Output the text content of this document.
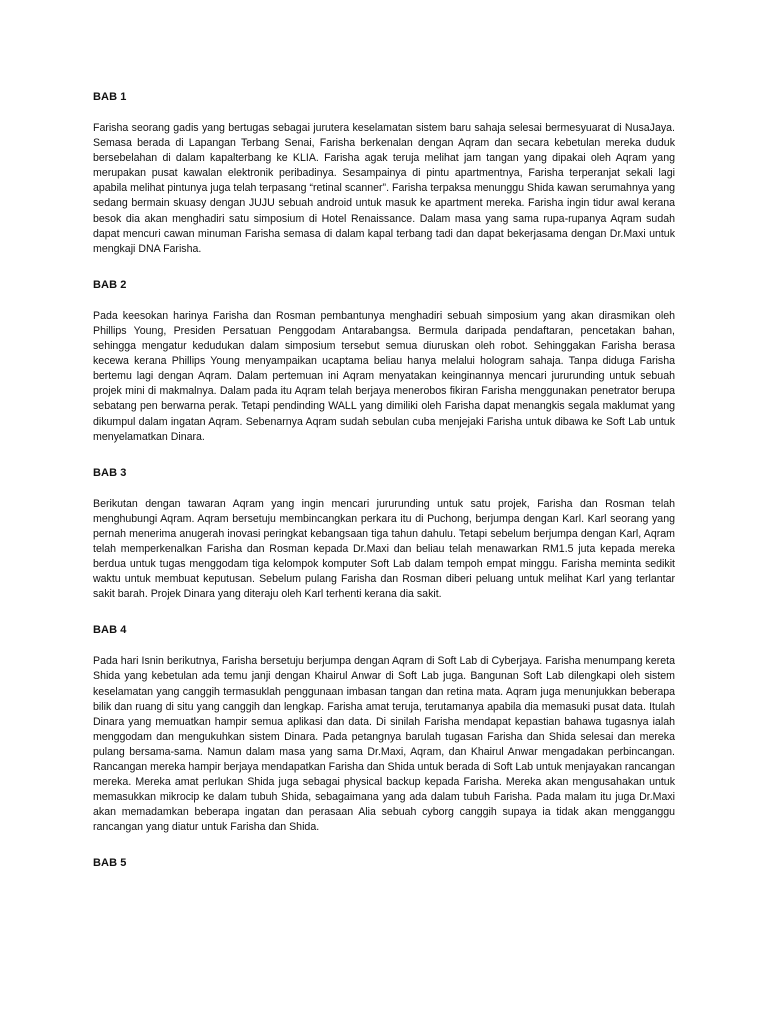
BAB 1

Farisha seorang gadis yang bertugas sebagai jurutera keselamatan sistem baru sahaja selesai bermesyuarat di NusaJaya. Semasa berada di Lapangan Terbang Senai, Farisha berkenalan dengan Aqram dan secara kebetulan mereka duduk bersebelahan di dalam kapalterbang ke KLIA. Farisha agak teruja melihat jam tangan yang dipakai oleh Aqram yang merupakan pusat kawalan elektronik peribadinya. Sesampainya di pintu apartmentnya, Farisha terperanjat sekali lagi apabila melihat pintunya juga telah terpasang “retinal scanner”. Farisha terpaksa menunggu Shida kawan serumahnya yang sedang bermain skuasy dengan JUJU sebuah android untuk masuk ke apartment mereka. Farisha ingin tidur awal kerana besok dia akan menghadiri satu simposium di Hotel Renaissance. Dalam masa yang sama rupa-rupanya Aqram sudah dapat mencuri cawan minuman Farisha semasa di dalam kapal terbang tadi dan dapat bekerjasama dengan Dr.Maxi untuk mengkaji DNA Farisha.

BAB 2

Pada keesokan harinya Farisha dan Rosman pembantunya menghadiri sebuah simposium yang akan dirasmikan oleh Phillips Young, Presiden Persatuan Penggodam Antarabangsa. Bermula daripada pendaftaran, pencetakan bahan, sehingga mengatur kedudukan dalam simposium tersebut semua diuruskan oleh robot. Sehinggakan Farisha berasa kecewa kerana Phillips Young menyampaikan ucaptama beliau hanya melalui hologram sahaja. Tanpa diduga Farisha bertemu lagi dengan Aqram. Dalam pertemuan ini Aqram menyatakan keinginannya mencari jururunding untuk sebuah projek mini di makmalnya. Dalam pada itu Aqram telah berjaya menerobos fikiran Farisha menggunakan penetrator berupa sebatang pen berwarna perak. Tetapi pendinding WALL yang dimiliki oleh Farisha dapat menangkis segala maklumat yang dikumpul dalam ingatan Aqram. Sebenarnya Aqram sudah sebulan cuba menjejaki Farisha untuk dibawa ke Soft Lab untuk menyelamatkan Dinara.

BAB 3

Berikutan dengan tawaran Aqram yang ingin mencari jururunding untuk satu projek, Farisha dan Rosman telah menghubungi Aqram. Aqram bersetuju membincangkan perkara itu di Puchong, berjumpa dengan Karl. Karl seorang yang pernah menerima anugerah inovasi peringkat kebangsaan tiga tahun dahulu. Tetapi sebelum berjumpa dengan Karl, Aqram telah memperkenalkan Farisha dan Rosman kepada Dr.Maxi dan beliau telah menawarkan RM1.5 juta kepada mereka berdua untuk tugas menggodam tiga kelompok komputer Soft Lab dalam tempoh empat minggu. Farisha meminta sedikit waktu untuk membuat keputusan. Sebelum pulang Farisha dan Rosman diberi peluang untuk melihat Karl yang terlantar sakit barah. Projek Dinara yang diteraju oleh Karl terhenti kerana dia sakit.

BAB 4

Pada hari Isnin berikutnya, Farisha bersetuju berjumpa dengan Aqram di Soft Lab di Cyberjaya. Farisha menumpang kereta Shida yang kebetulan ada temu janji dengan Khairul Anwar di Soft Lab juga. Bangunan Soft Lab dilengkapi oleh sistem keselamatan yang canggih termasuklah penggunaan imbasan tangan dan retina mata. Aqram juga menunjukkan beberapa bilik dan ruang di situ yang canggih dan lengkap. Farisha amat teruja, terutamanya apabila dia memasuki pusat data. Itulah Dinara yang memuatkan hampir semua aplikasi dan data. Di sinilah Farisha mendapat kepastian bahawa tugasnya ialah menggodam dan mengukuhkan sistem Dinara. Pada petangnya barulah tugasan Farisha dan Shida selesai dan mereka pulang bersama-sama. Namun dalam masa yang sama Dr.Maxi, Aqram, dan Khairul Anwar mengadakan perbincangan. Rancangan mereka hampir berjaya mendapatkan Farisha dan Shida untuk berada di Soft Lab untuk menjayakan rancangan mereka. Mereka amat perlukan Shida juga sebagai physical backup kepada Farisha. Mereka akan mengusahakan untuk memasukkan mikrocip ke dalam tubuh Shida, sebagaimana yang ada dalam tubuh Farisha. Pada malam itu juga Dr.Maxi akan memadamkan beberapa ingatan dan perasaan Alia sebuah cyborg canggih supaya ia tidak akan mengganggu rancangan yang diatur untuk Farisha dan Shida.

BAB 5
